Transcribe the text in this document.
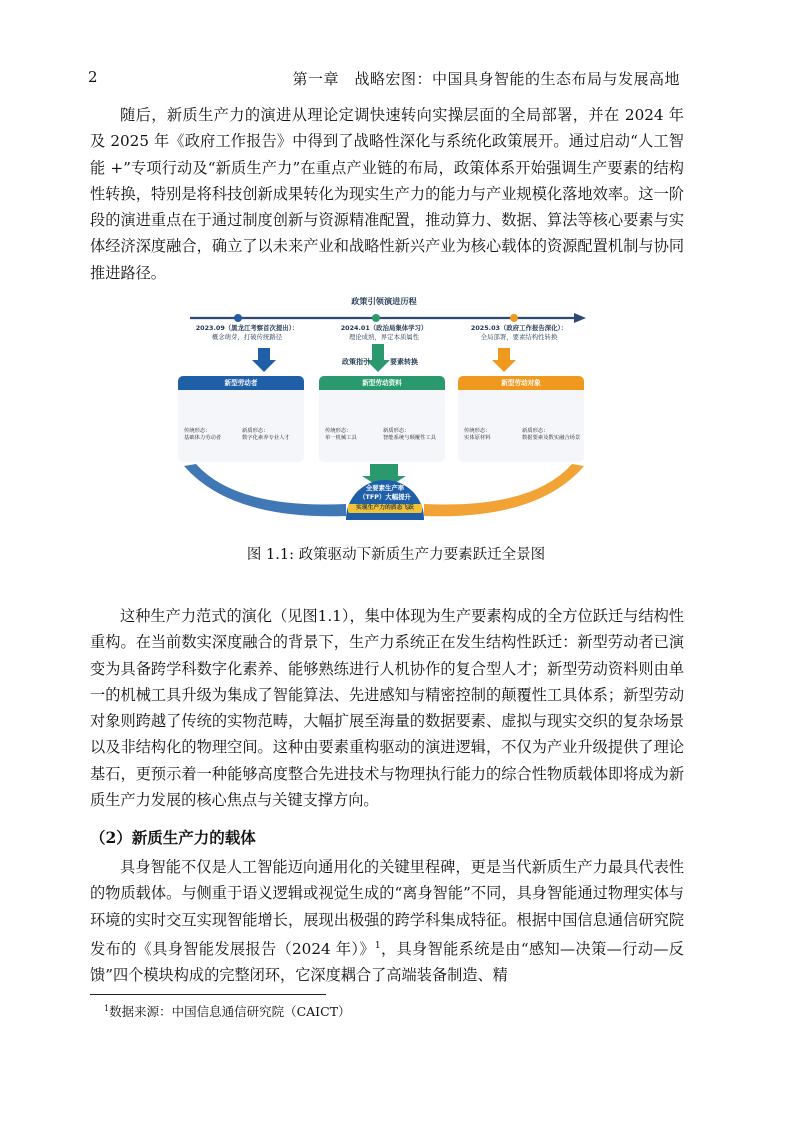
2	第一章　战略宏图：中国具身智能的生态布局与发展高地

随后，新质生产力的演进从理论定调快速转向实操层面的全局部署，并在 2024 年及 2025 年《政府工作报告》中得到了战略性深化与系统化政策展开。通过启动“人工智能 +”专项行动及“新质生产力”在重点产业链的布局，政策体系开始强调生产要素的结构性转换，特别是将科技创新成果转化为现实生产力的能力与产业规模化落地效率。这一阶段的演进重点在于通过制度创新与资源精准配置，推动算力、数据、算法等核心要素与实体经济深度融合，确立了以未来产业和战略性新兴产业为核心载体的资源配置机制与协同推进路径。

政策引领演进历程
2023.09（黑龙江考察首次提出）：
概念萌芽，打破传统路径
2024.01（政治局集体学习）
理论成熟，界定本质属性
2025.03（政府工作报告深化）：
全局部署，要素结构性转换
政策指引	要素转换
新型劳动者
传统形态：
基础体力劳动者
新质形态：
数字化素养专业人才
新型劳动资料
传统形态：
单一机械工具
新质形态：
智能系统与颠覆性工具
新型劳动对象
传统形态：
实体原材料
新质形态：
数据要素及数实融合场景
全要素生产率
（TFP）大幅提升
实现生产力的质态飞跃
图 1.1: 政策驱动下新质生产力要素跃迁全景图

这种生产力范式的演化（见图1.1），集中体现为生产要素构成的全方位跃迁与结构性重构。在当前数实深度融合的背景下，生产力系统正在发生结构性跃迁：新型劳动者已演变为具备跨学科数字化素养、能够熟练进行人机协作的复合型人才；新型劳动资料则由单一的机械工具升级为集成了智能算法、先进感知与精密控制的颠覆性工具体系；新型劳动对象则跨越了传统的实物范畴，大幅扩展至海量的数据要素、虚拟与现实交织的复杂场景以及非结构化的物理空间。这种由要素重构驱动的演进逻辑，不仅为产业升级提供了理论基石，更预示着一种能够高度整合先进技术与物理执行能力的综合性物质载体即将成为新质生产力发展的核心焦点与关键支撑方向。

（2）新质生产力的载体

具身智能不仅是人工智能迈向通用化的关键里程碑，更是当代新质生产力最具代表性的物质载体。与侧重于语义逻辑或视觉生成的“离身智能”不同，具身智能通过物理实体与环境的实时交互实现智能增长，展现出极强的跨学科集成特征。根据中国信息通信研究院发布的《具身智能发展报告（2024 年）》$^1$，具身智能系统是由“感知—决策—行动—反馈”四个模块构成的完整闭环，它深度耦合了高端装备制造、精

$^1$数据来源：中国信息通信研究院（CAICT）
